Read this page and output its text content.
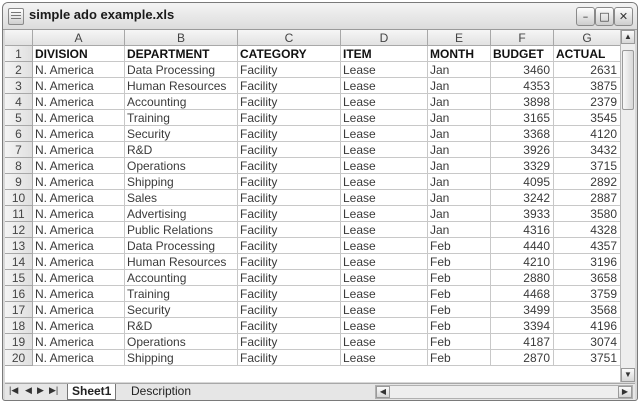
simple ado example.xls	–	□ ✕
A	B	C	D	E	F	G
1	DIVISION	DEPARTMENT	CATEGORY	ITEM	MONTH	BUDGET	ACTUAL
2	N. America	Data Processing	Facility	Lease	Jan	3460	2631
3	N. America	Human Resources	Facility	Lease	Jan	4353	3875
4	N. America	Accounting	Facility	Lease	Jan	3898	2379
5	N. America	Training	Facility	Lease	Jan	3165	3545
6	N. America	Security	Facility	Lease	Jan	3368	4120
7	N. America	R&D	Facility	Lease	Jan	3926	3432
8	N. America	Operations	Facility	Lease	Jan	3329	3715
9	N. America	Shipping	Facility	Lease	Jan	4095	2892
10 N. America	Sales	Facility	Lease	Jan	3242	2887
11 N. America	Advertising	Facility	Lease	Jan	3933	3580
12 N. America	Public Relations	Facility	Lease	Jan	4316	4328
13 N. America	Data Processing	Facility	Lease	Feb	4440	4357
14 N. America	Human Resources	Facility	Lease	Feb	4210	3196
15 N. America	Accounting	Facility	Lease	Feb	2880	3658
16 N. America	Training	Facility	Lease	Feb	4468	3759
17 N. America	Security	Facility	Lease	Feb	3499	3568
18 N. America	R&D	Facility	Lease	Feb	3394	4196
19 N. America	Operations	Facility	Lease	Feb	4187	3074
20 N. America	Shipping	Facility	Lease	Feb	2870	3751
▲
▼
|◀ ◀ ▶ ▶|	Sheet1	Description	◀	▶
